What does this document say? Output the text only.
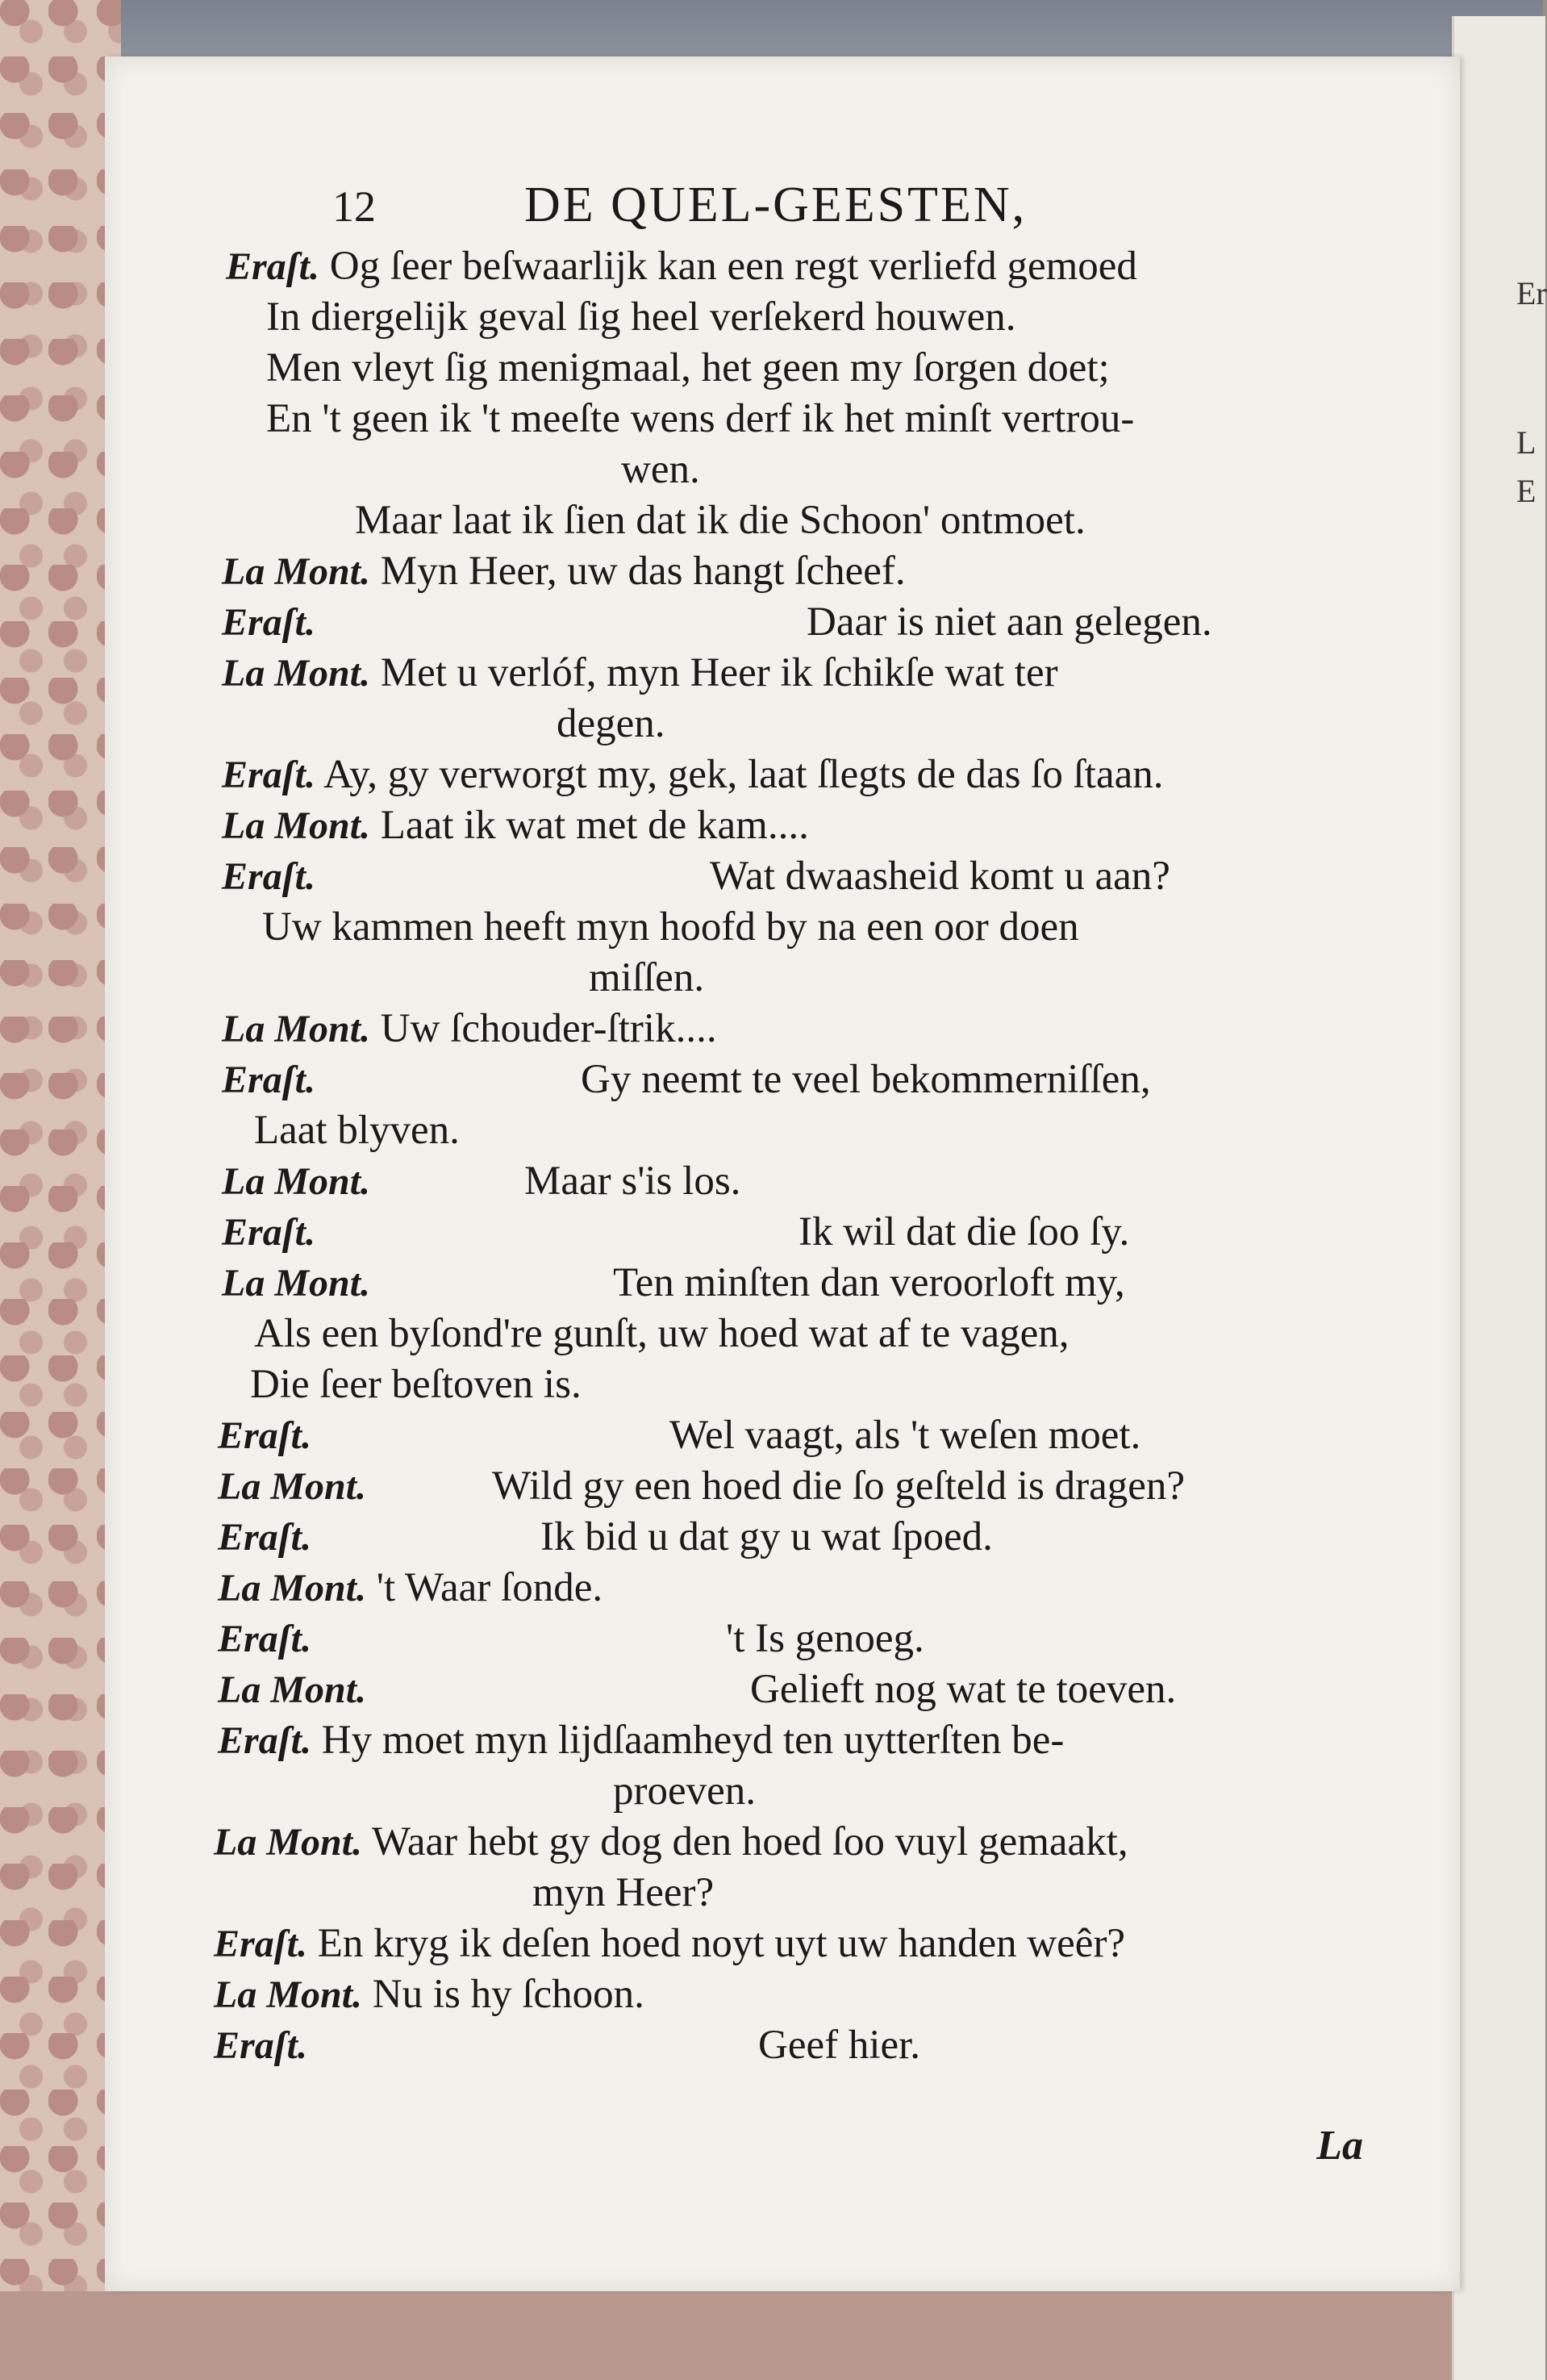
Er
L
E
12	DE QUEL-GEESTEN,
Eraſt. Og ſeer beſwaarlijk kan een regt verliefd gemoed
In diergelijk geval ſig heel verſekerd houwen.
Men vleyt ſig menigmaal, het geen my ſorgen doet;
En 't geen ik 't meeſte wens derf ik het minſt vertrou-
wen.
Maar laat ik ſien dat ik die Schoon' ontmoet.
La Mont. Myn Heer, uw das hangt ſcheef.
Eraſt.	Daar is niet aan gelegen.
La Mont. Met u verlóf, myn Heer ik ſchikſe wat ter
degen.
Eraſt. Ay, gy verworgt my, gek, laat ſlegts de das ſo ſtaan.
La Mont. Laat ik wat met de kam....
Eraſt.	Wat dwaasheid komt u aan?
Uw kammen heeft myn hoofd by na een oor doen
miſſen.
La Mont. Uw ſchouder-ſtrik....
Eraſt.	Gy neemt te veel bekommerniſſen,
Laat blyven.
La Mont.	Maar s'is los.
Eraſt.	Ik wil dat die ſoo ſy.
La Mont.	Ten minſten dan veroorloft my,
Als een byſond're gunſt, uw hoed wat af te vagen,
Die ſeer beſtoven is.
Eraſt.	Wel vaagt, als 't weſen moet.
La Mont.	Wild gy een hoed die ſo geſteld is dragen?
Eraſt.	Ik bid u dat gy u wat ſpoed.
La Mont. 't Waar ſonde.
Eraſt.	't Is genoeg.
La Mont.	Gelieft nog wat te toeven.
Eraſt. Hy moet myn lijdſaamheyd ten uytterſten be-
proeven.
La Mont. Waar hebt gy dog den hoed ſoo vuyl gemaakt,
myn Heer?
Eraſt. En kryg ik deſen hoed noyt uyt uw handen weêr?
La Mont. Nu is hy ſchoon.
Eraſt.	Geef hier.
La
